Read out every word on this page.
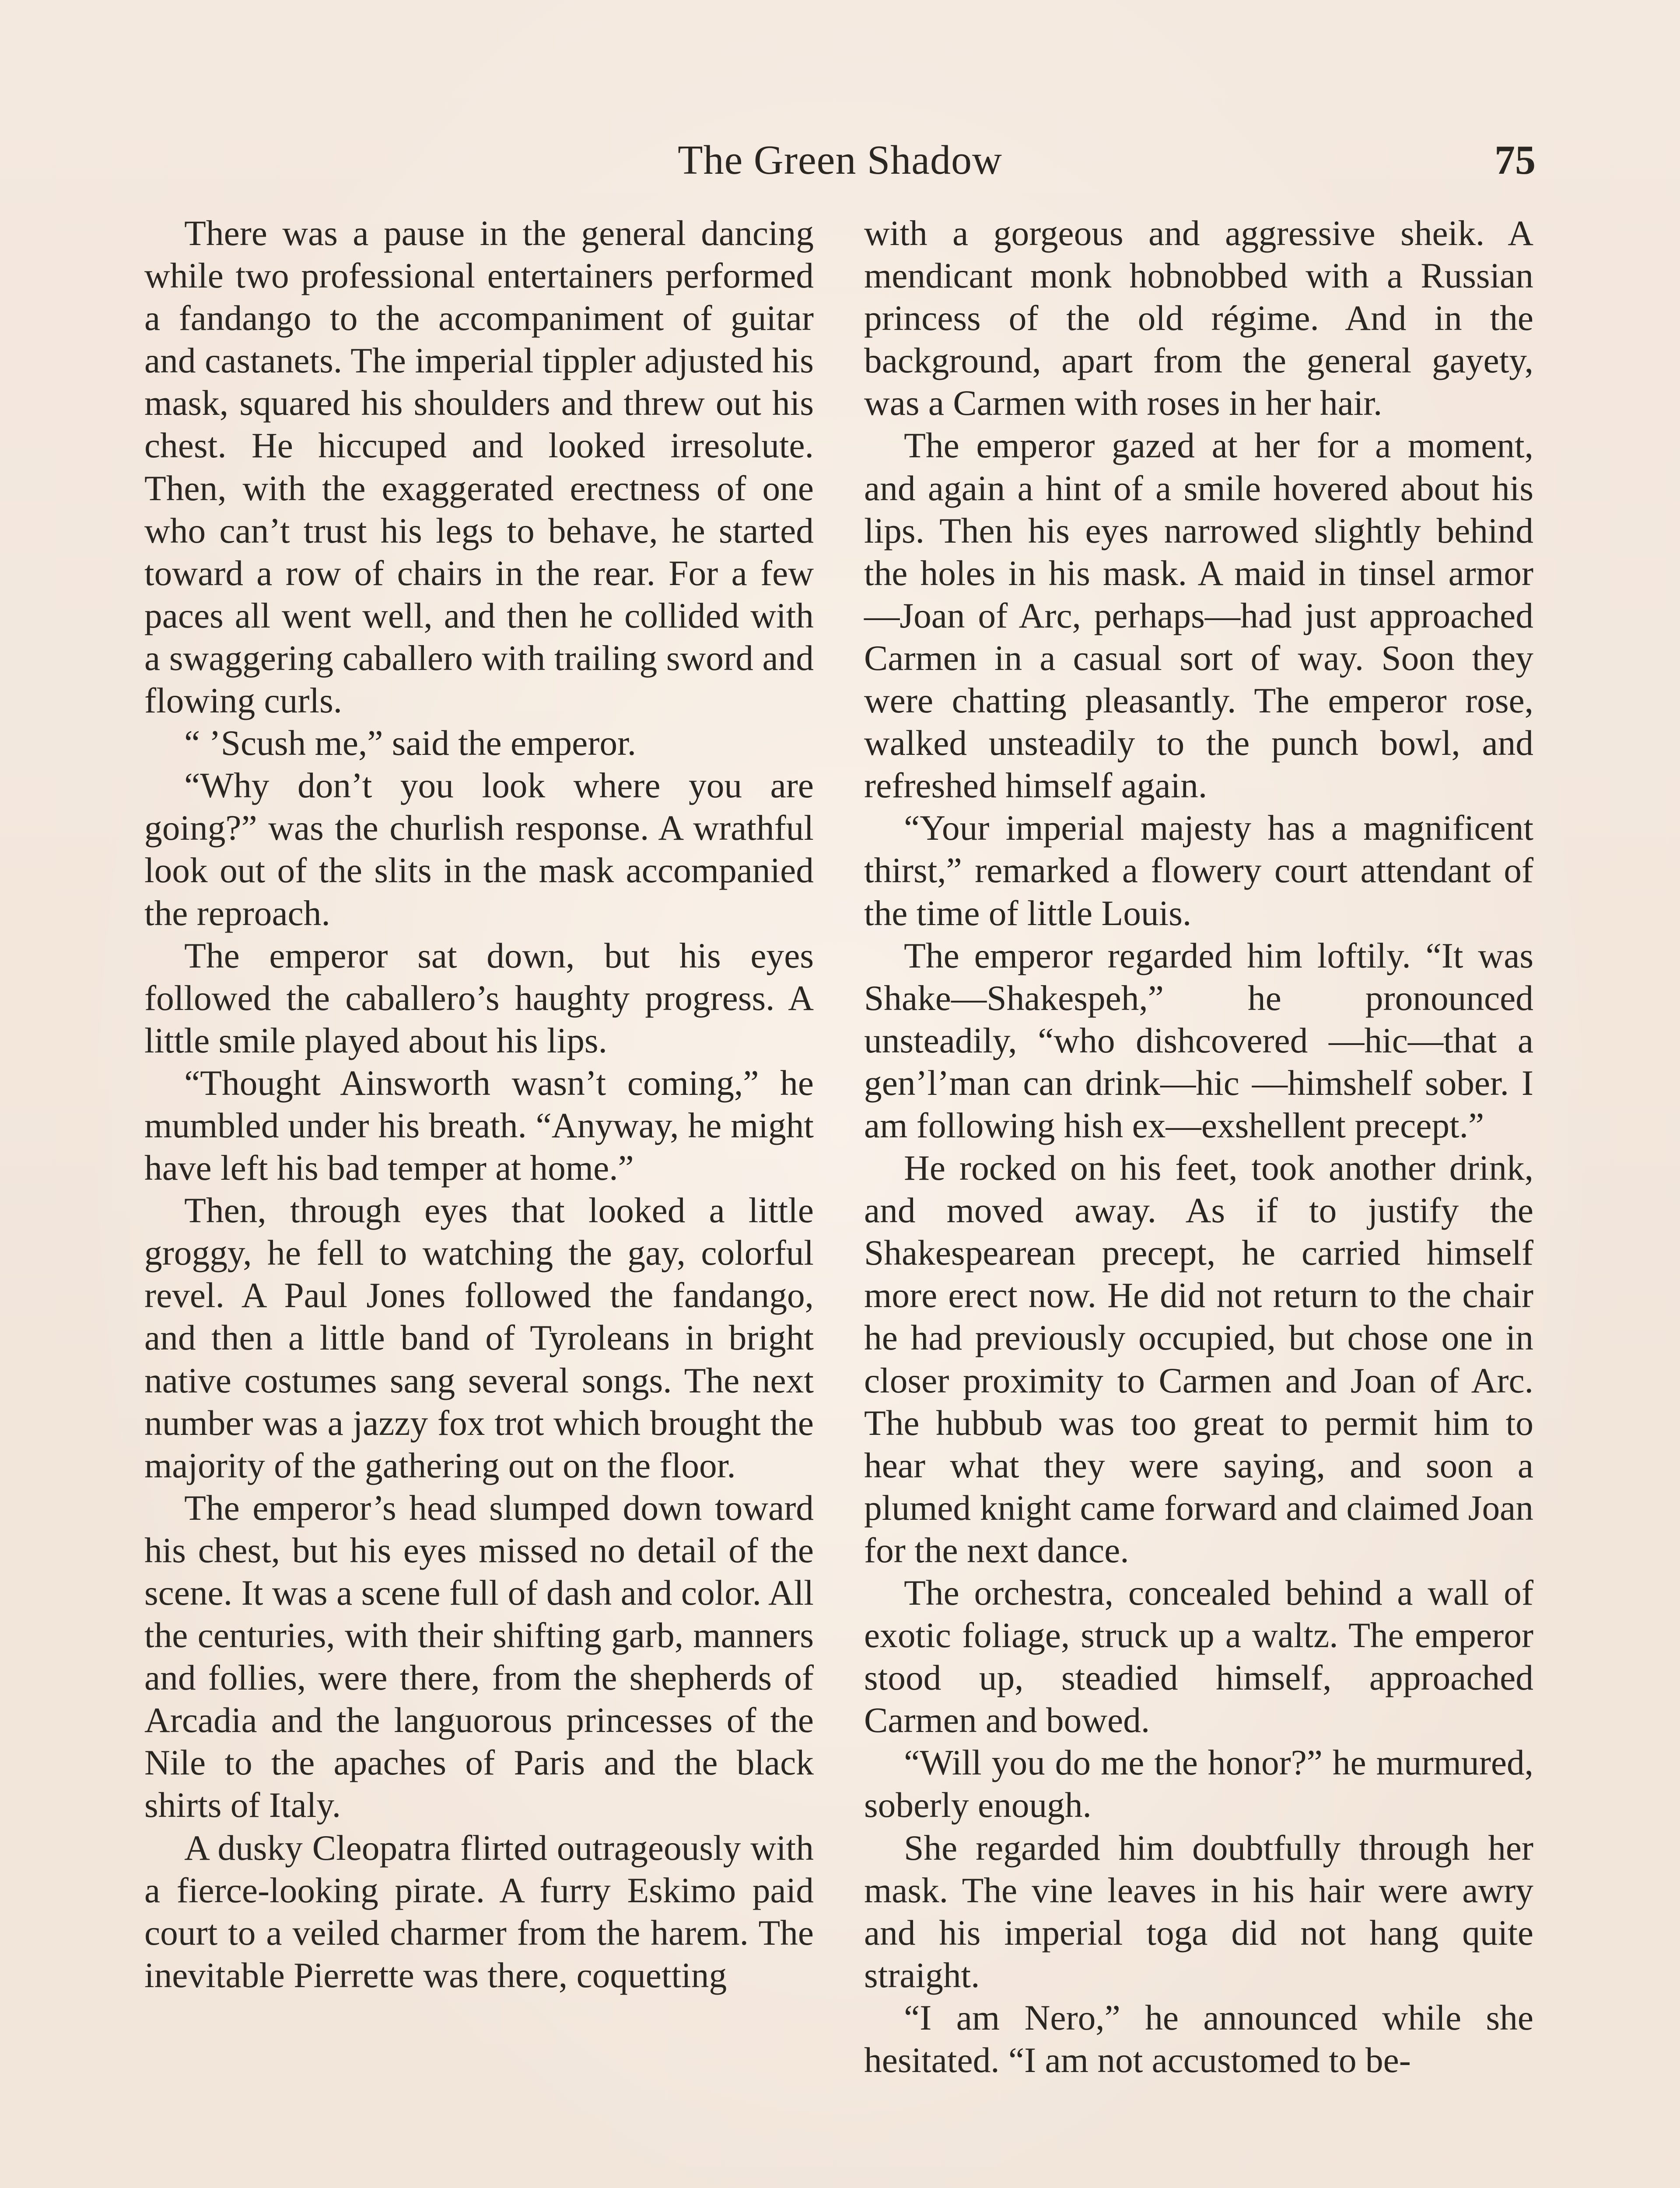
The Green Shadow	75

There was a pause in the general dancing while two professional entertainers performed a fandango to the accompaniment of guitar and castanets. The imperial tippler adjusted his mask, squared his shoulders and threw out his chest. He hiccuped and looked irresolute. Then, with the exaggerated erectness of one who can’t trust his legs to behave, he started toward a row of chairs in the rear. For a few paces all went well, and then he collided with a swaggering caballero with trailing sword and flowing curls.

“ ’Scush me,” said the emperor.

“Why don’t you look where you are going?” was the churlish response. A wrathful look out of the slits in the mask accompanied the reproach.

The emperor sat down, but his eyes followed the caballero’s haughty progress. A little smile played about his lips.

“Thought Ainsworth wasn’t coming,” he mumbled under his breath. “Anyway, he might have left his bad temper at home.”

Then, through eyes that looked a little groggy, he fell to watching the gay, colorful revel. A Paul Jones followed the fandango, and then a little band of Tyroleans in bright native costumes sang several songs. The next number was a jazzy fox trot which brought the majority of the gathering out on the floor.

The emperor’s head slumped down toward his chest, but his eyes missed no detail of the scene. It was a scene full of dash and color. All the centuries, with their shifting garb, manners and follies, were there, from the shepherds of Arcadia and the languorous princesses of the Nile to the apaches of Paris and the black shirts of Italy.

A dusky Cleopatra flirted outrageously with a fierce-looking pirate. A furry Eskimo paid court to a veiled charmer from the harem. The inevitable Pierrette was there, coquetting

with a gorgeous and aggressive sheik. A mendicant monk hobnobbed with a Russian princess of the old régime. And in the background, apart from the general gayety, was a Carmen with roses in her hair.

The emperor gazed at her for a moment, and again a hint of a smile hovered about his lips. Then his eyes narrowed slightly behind the holes in his mask. A maid in tinsel armor—Joan of Arc, perhaps—had just approached Carmen in a casual sort of way. Soon they were chatting pleasantly. The emperor rose, walked unsteadily to the punch bowl, and refreshed himself again.

“Your imperial majesty has a magnificent thirst,” remarked a flowery court attendant of the time of little Louis.

The emperor regarded him loftily. “It was Shake—Shakespeh,” he pronounced unsteadily, “who dishcovered —hic—that a gen’l’man can drink—hic —himshelf sober. I am following hish ex—exshellent precept.”

He rocked on his feet, took another drink, and moved away. As if to justify the Shakespearean precept, he carried himself more erect now. He did not return to the chair he had previously occupied, but chose one in closer proximity to Carmen and Joan of Arc. The hubbub was too great to permit him to hear what they were saying, and soon a plumed knight came forward and claimed Joan for the next dance.

The orchestra, concealed behind a wall of exotic foliage, struck up a waltz. The emperor stood up, steadied himself, approached Carmen and bowed.

“Will you do me the honor?” he murmured, soberly enough.

She regarded him doubtfully through her mask. The vine leaves in his hair were awry and his imperial toga did not hang quite straight.

“I am Nero,” he announced while she hesitated. “I am not accustomed to be-
